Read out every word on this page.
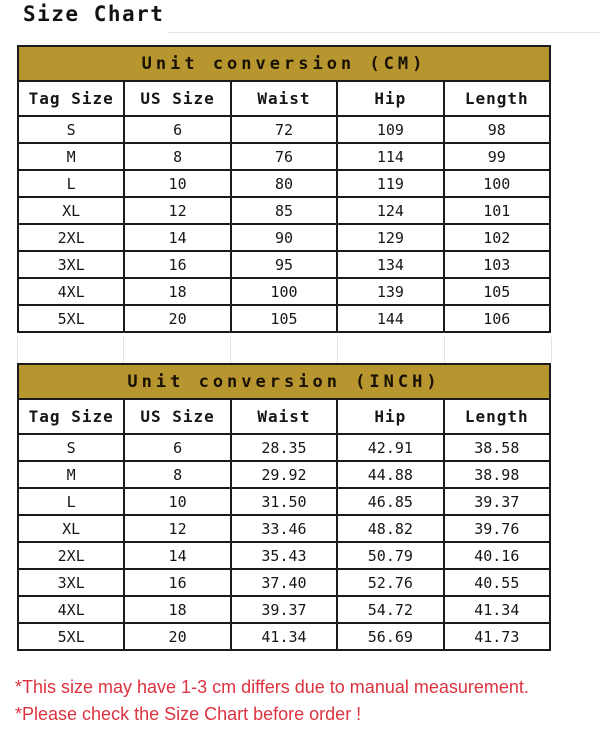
Size Chart
Unit conversion (CM)				
Tag Size	US Size	Waist	Hip	Length
S	6	72	109	98
M	8	76	114	99
L	10	80	119	100
XL	12	85	124	101
2XL	14	90	129	102
3XL	16	95	134	103
4XL	18	100	139	105
5XL	20	105	144	106
Unit conversion (INCH)				
Tag Size	US Size	Waist	Hip	Length
S	6	28.35	42.91	38.58
M	8	29.92	44.88	38.98
L	10	31.50	46.85	39.37
XL	12	33.46	48.82	39.76
2XL	14	35.43	50.79	40.16
3XL	16	37.40	52.76	40.55
4XL	18	39.37	54.72	41.34
5XL	20	41.34	56.69	41.73
*This size may have 1-3 cm differs due to manual measurement.
*Please check the Size Chart before order !
